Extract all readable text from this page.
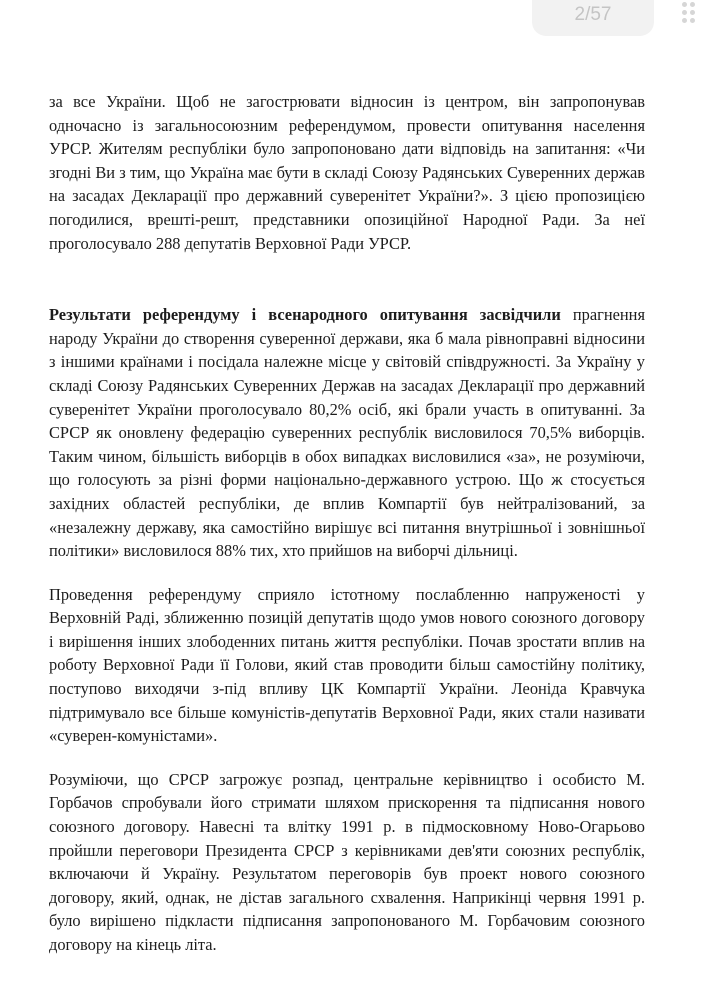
2/57

за все України. Щоб не загострювати відносин із центром, він запропонував одночасно із загальносоюзним референдумом, провести опитування населення УРСР. Жителям республіки було запропоновано дати відповідь на запитання: «Чи згодні Ви з тим, що Україна має бути в складі Союзу Радянських Суверенних держав на засадах Декларації про державний суверенітет України?». З цією пропозицією погодилися, врешті-решт, представники опозиційної Народної Ради. За неї проголосувало 288 депутатів Верховної Ради УРСР.

Результати референдуму і всенародного опитування засвідчили прагнення народу України до створення суверенної держави, яка б мала рівноправні відносини з іншими країнами і посідала належне місце у світовій співдружності. За Україну у складі Союзу Радянських Суверенних Держав на засадах Декларації про державний суверенітет України проголосувало 80,2% осіб, які брали участь в опитуванні. За СРСР як оновлену федерацію суверенних республік висловилося 70,5% виборців. Таким чином, більшість виборців в обох випадках висловилися «за», не розуміючи, що голосують за різні форми національно-державного устрою. Що ж стосується західних областей республіки, де вплив Компартії був нейтралізований, за «незалежну державу, яка самостійно вирішує всі питання внутрішньої і зовнішньої політики» висловилося 88% тих, хто прийшов на виборчі дільниці.

Проведення референдуму сприяло істотному послабленню напруженості у Верховній Раді, зближенню позицій депутатів щодо умов нового союзного договору і вирішення інших злободенних питань життя республіки. Почав зростати вплив на роботу Верховної Ради її Голови, який став проводити більш самостійну політику, поступово виходячи з-під впливу ЦК Компартії України. Леоніда Кравчука підтримувало все більше комуністів-депутатів Верховної Ради, яких стали називати «суверен-комуністами».

Розуміючи, що СРСР загрожує розпад, центральне керівництво і особисто М. Горбачов спробували його стримати шляхом прискорення та підписання нового союзного договору. Навесні та влітку 1991 р. в підмосковному Ново-Огарьово пройшли переговори Президента СРСР з керівниками дев'яти союзних республік, включаючи й Україну. Результатом переговорів був проект нового союзного договору, який, однак, не дістав загального схвалення. Наприкінці червня 1991 р. було вирішено підкласти підписання запропонованого М. Горбачовим союзного договору на кінець літа.
